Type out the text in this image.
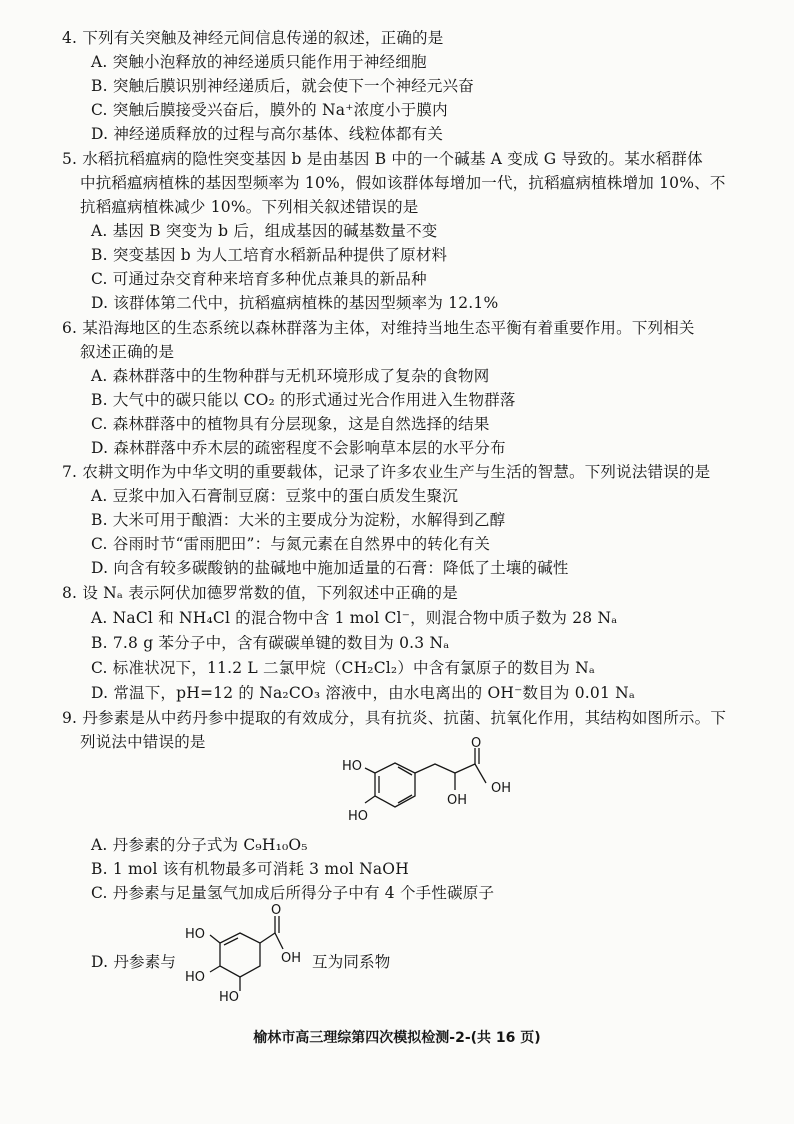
4. 下列有关突触及神经元间信息传递的叙述，正确的是
A. 突触小泡释放的神经递质只能作用于神经细胞
B. 突触后膜识别神经递质后，就会使下一个神经元兴奋
C. 突触后膜接受兴奋后，膜外的 Na⁺浓度小于膜内
D. 神经递质释放的过程与高尔基体、线粒体都有关
5. 水稻抗稻瘟病的隐性突变基因 b 是由基因 B 中的一个碱基 A 变成 G 导致的。某水稻群体
中抗稻瘟病植株的基因型频率为 10%，假如该群体每增加一代，抗稻瘟病植株增加 10%、不
抗稻瘟病植株减少 10%。下列相关叙述错误的是
A. 基因 B 突变为 b 后，组成基因的碱基数量不变
B. 突变基因 b 为人工培育水稻新品种提供了原材料
C. 可通过杂交育种来培育多种优点兼具的新品种
D. 该群体第二代中，抗稻瘟病植株的基因型频率为 12.1%
6. 某沿海地区的生态系统以森林群落为主体，对维持当地生态平衡有着重要作用。下列相关
叙述正确的是
A. 森林群落中的生物种群与无机环境形成了复杂的食物网
B. 大气中的碳只能以 CO₂ 的形式通过光合作用进入生物群落
C. 森林群落中的植物具有分层现象，这是自然选择的结果
D. 森林群落中乔木层的疏密程度不会影响草本层的水平分布
7. 农耕文明作为中华文明的重要载体，记录了许多农业生产与生活的智慧。下列说法错误的是
A. 豆浆中加入石膏制豆腐：豆浆中的蛋白质发生聚沉
B. 大米可用于酿酒：大米的主要成分为淀粉，水解得到乙醇
C. 谷雨时节“雷雨肥田”：与氮元素在自然界中的转化有关
D. 向含有较多碳酸钠的盐碱地中施加适量的石膏：降低了土壤的碱性
8. 设 Nₐ 表示阿伏加德罗常数的值，下列叙述中正确的是
A. NaCl 和 NH₄Cl 的混合物中含 1 mol Cl⁻，则混合物中质子数为 28 Nₐ
B. 7.8 g 苯分子中，含有碳碳单键的数目为 0.3 Nₐ
C. 标准状况下，11.2 L 二氯甲烷（CH₂Cl₂）中含有氯原子的数目为 Nₐ
D. 常温下，pH=12 的 Na₂CO₃ 溶液中，由水电离出的 OH⁻数目为 0.01 Nₐ
9. 丹参素是从中药丹参中提取的有效成分，具有抗炎、抗菌、抗氧化作用，其结构如图所示。下
列说法中错误的是
HO
HO
OH
O
OH
A. 丹参素的分子式为 C₉H₁₀O₅
B. 1 mol 该有机物最多可消耗 3 mol NaOH
C. 丹参素与足量氢气加成后所得分子中有 4 个手性碳原子
D. 丹参素与
HO
HO
HO
O
OH 互为同系物
榆林市高三理综第四次模拟检测-2-(共 16 页)
